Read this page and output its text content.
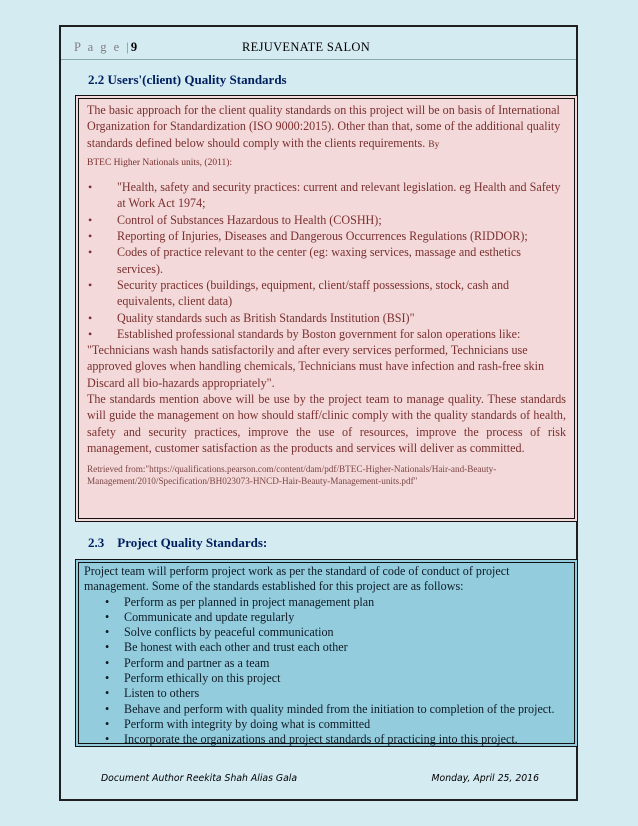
P a g e |9	REJUVENATE SALON
2.2 Users'(client) Quality Standards

The basic approach for the client quality standards on this project will be on basis of International Organization for Standardization (ISO 9000:2015). Other than that, some of the additional quality standards defined below should comply with the clients requirements. By
BTEC Higher Nationals units, (2011):

• "Health, safety and security practices: current and relevant legislation. eg Health and Safety at Work Act 1974;
• Control of Substances Hazardous to Health (COSHH);
• Reporting of Injuries, Diseases and Dangerous Occurrences Regulations (RIDDOR);
• Codes of practice relevant to the center (eg: waxing services, massage and esthetics services).
• Security practices (buildings, equipment, client/staff possessions, stock, cash and equivalents, client data)
• Quality standards such as British Standards Institution (BSI)"
• Established professional standards by Boston government for salon operations like:

"Technicians wash hands satisfactorily and after every services performed, Technicians use approved gloves when handling chemicals, Technicians must have infection and rash-free skin Discard all bio-hazards appropriately".

The standards mention above will be use by the project team to manage quality. These standards will guide the management on how should staff/clinic comply with the quality standards of health, safety and security practices, improve the use of resources, improve the process of risk management, customer satisfaction as the products and services will deliver as committed.

Retrieved from:"https://qualifications.pearson.com/content/dam/pdf/BTEC-Higher-Nationals/Hair-and-Beauty-Management/2010/Specification/BH023073-HNCD-Hair-Beauty-Management-units.pdf"

2.3 Project Quality Standards:

Project team will perform project work as per the standard of code of conduct of project management. Some of the standards established for this project are as follows:

• Perform as per planned in project management plan
• Communicate and update regularly
• Solve conflicts by peaceful communication
• Be honest with each other and trust each other
• Perform and partner as a team
• Perform ethically on this project
• Listen to others
• Behave and perform with quality minded from the initiation to completion of the project.
• Perform with integrity by doing what is committed
• Incorporate the organizations and project standards of practicing into this project.
Document Author Reekita Shah Alias Gala	Monday, April 25, 2016
